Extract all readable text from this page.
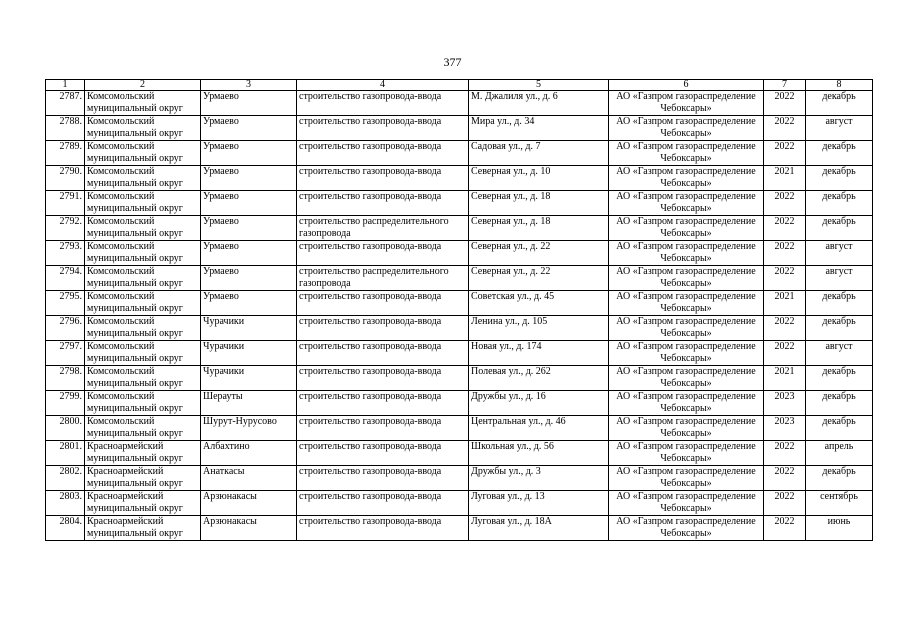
377
1	2	3	4	5	6	7	8
2787.	Комсомольский муниципальный округ	Урмаево	строительство газопровода-ввода	М. Джалиля ул., д. 6	АО «Газпром газораспределение Чебоксары»	2022	декабрь
2788.	Комсомольский муниципальный округ	Урмаево	строительство газопровода-ввода	Мира ул., д. 34	АО «Газпром газораспределение Чебоксары»	2022	август
2789.	Комсомольский муниципальный округ	Урмаево	строительство газопровода-ввода	Садовая ул., д. 7	АО «Газпром газораспределение Чебоксары»	2022	декабрь
2790.	Комсомольский муниципальный округ	Урмаево	строительство газопровода-ввода	Северная ул., д. 10	АО «Газпром газораспределение Чебоксары»	2021	декабрь
2791.	Комсомольский муниципальный округ	Урмаево	строительство газопровода-ввода	Северная ул., д. 18	АО «Газпром газораспределение Чебоксары»	2022	декабрь
2792.	Комсомольский муниципальный округ	Урмаево	строительство распределительного газопровода	Северная ул., д. 18	АО «Газпром газораспределение Чебоксары»	2022	декабрь
2793.	Комсомольский муниципальный округ	Урмаево	строительство газопровода-ввода	Северная ул., д. 22	АО «Газпром газораспределение Чебоксары»	2022	август
2794.	Комсомольский муниципальный округ	Урмаево	строительство распределительного газопровода	Северная ул., д. 22	АО «Газпром газораспределение Чебоксары»	2022	август
2795.	Комсомольский муниципальный округ	Урмаево	строительство газопровода-ввода	Советская ул., д. 45	АО «Газпром газораспределение Чебоксары»	2021	декабрь
2796.	Комсомольский муниципальный округ	Чурачики	строительство газопровода-ввода	Ленина ул., д. 105	АО «Газпром газораспределение Чебоксары»	2022	декабрь
2797.	Комсомольский муниципальный округ	Чурачики	строительство газопровода-ввода	Новая ул., д. 174	АО «Газпром газораспределение Чебоксары»	2022	август
2798.	Комсомольский муниципальный округ	Чурачики	строительство газопровода-ввода	Полевая ул., д. 262	АО «Газпром газораспределение Чебоксары»	2021	декабрь
2799.	Комсомольский муниципальный округ	Шерауты	строительство газопровода-ввода	Дружбы ул., д. 16	АО «Газпром газораспределение Чебоксары»	2023	декабрь
2800.	Комсомольский муниципальный округ	Шурут-Нурусово	строительство газопровода-ввода	Центральная ул., д. 46	АО «Газпром газораспределение Чебоксары»	2023	декабрь
2801.	Красноармейский муниципальный округ	Албахтино	строительство газопровода-ввода	Школьная ул., д. 56	АО «Газпром газораспределение Чебоксары»	2022	апрель
2802.	Красноармейский муниципальный округ	Анаткасы	строительство газопровода-ввода	Дружбы ул., д. 3	АО «Газпром газораспределение Чебоксары»	2022	декабрь
2803.	Красноармейский муниципальный округ	Арзюнакасы	строительство газопровода-ввода	Луговая ул., д. 13	АО «Газпром газораспределение Чебоксары»	2022	сентябрь
2804.	Красноармейский муниципальный округ	Арзюнакасы	строительство газопровода-ввода	Луговая ул., д. 18А	АО «Газпром газораспределение Чебоксары»	2022	июнь
